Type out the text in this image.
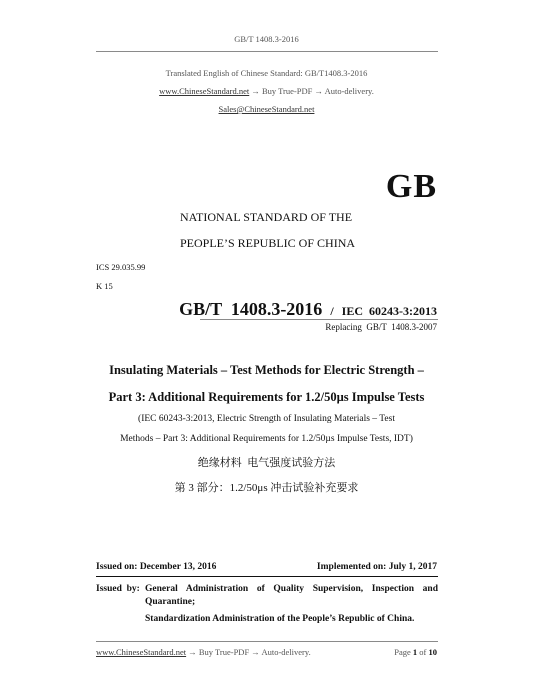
GB/T 1408.3-2016
Translated English of Chinese Standard: GB/T1408.3-2016
www.ChineseStandard.net → Buy True-PDF → Auto-delivery.
Sales@ChineseStandard.net
GB
NATIONAL STANDARD OF THE
PEOPLE’S REPUBLIC OF CHINA
ICS 29.035.99
K 15
GB/T  1408.3-2016 / IEC  60243-3:2013
Replacing  GB/T  1408.3-2007
Insulating Materials – Test Methods for Electric Strength –
Part 3: Additional Requirements for 1.2/50µs Impulse Tests
(IEC 60243-3:2013, Electric Strength of Insulating Materials – Test
Methods – Part 3: Additional Requirements for 1.2/50µs Impulse Tests, IDT)
绝缘材料  电气强度试验方法
第 3 部分：1.2/50μs 冲击试验补充要求
Issued on: December 13, 2016	Implemented on: July 1, 2017
Issued  by: General  Administration  of  Quality  Supervision,  Inspection  and
Quarantine;
Standardization Administration of the People’s Republic of China.
www.ChineseStandard.net → Buy True-PDF → Auto-delivery.	Page 1 of 10
